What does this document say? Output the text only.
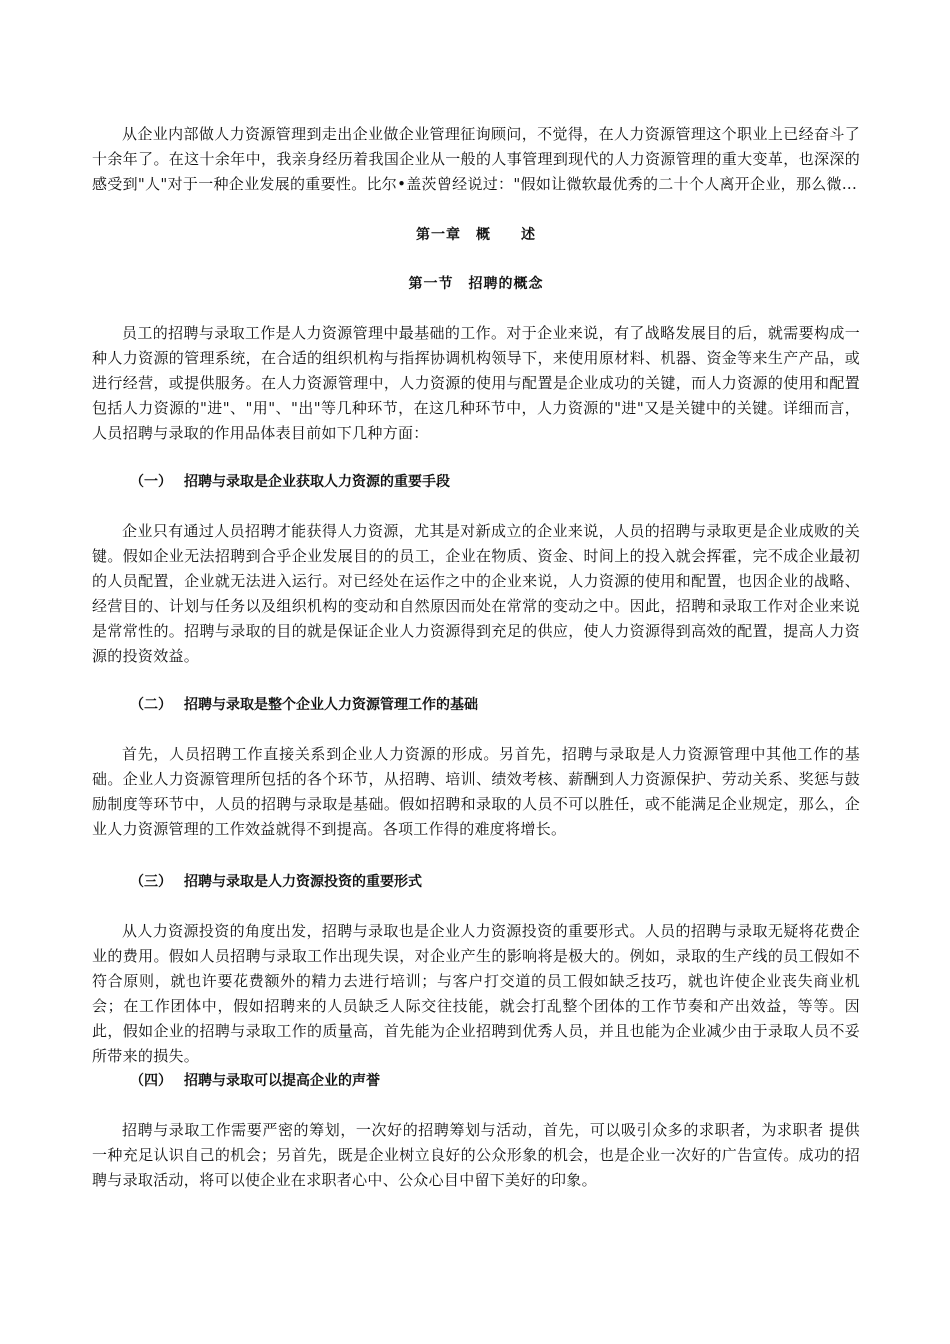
从企业内部做人力资源管理到走出企业做企业管理征询顾问，不觉得，在人力资源管理这个职业上已经奋斗了十余年了。在这十余年中，我亲身经历着我国企业从一般的人事管理到现代的人力资源管理的重大变革，也深深的感受到"人"对于一种企业发展的重要性。比尔•盖茨曾经说过："假如让微软最优秀的二十个人离开企业，那么微...

第一章　概　　述

第一节　招聘的概念

员工的招聘与录取工作是人力资源管理中最基础的工作。对于企业来说，有了战略发展目的后，就需要构成一种人力资源的管理系统，在合适的组织机构与指挥协调机构领导下，来使用原材料、机器、资金等来生产产品，或进行经营，或提供服务。在人力资源管理中，人力资源的使用与配置是企业成功的关键，而人力资源的使用和配置包括人力资源的"进"、"用"、"出"等几种环节，在这几种环节中，人力资源的"进"又是关键中的关键。详细而言，人员招聘与录取的作用品体表目前如下几种方面：

（一） 招聘与录取是企业获取人力资源的重要手段

企业只有通过人员招聘才能获得人力资源，尤其是对新成立的企业来说，人员的招聘与录取更是企业成败的关键。假如企业无法招聘到合乎企业发展目的的员工，企业在物质、资金、时间上的投入就会挥霍，完不成企业最初的人员配置，企业就无法进入运行。对已经处在运作之中的企业来说，人力资源的使用和配置，也因企业的战略、经营目的、计划与任务以及组织机构的变动和自然原因而处在常常的变动之中。因此，招聘和录取工作对企业来说是常常性的。招聘与录取的目的就是保证企业人力资源得到充足的供应，使人力资源得到高效的配置，提高人力资源的投资效益。

（二） 招聘与录取是整个企业人力资源管理工作的基础

首先，人员招聘工作直接关系到企业人力资源的形成。另首先，招聘与录取是人力资源管理中其他工作的基础。企业人力资源管理所包括的各个环节，从招聘、培训、绩效考核、薪酬到人力资源保护、劳动关系、奖惩与鼓励制度等环节中，人员的招聘与录取是基础。假如招聘和录取的人员不可以胜任，或不能满足企业规定，那么，企业人力资源管理的工作效益就得不到提高。各项工作得的难度将增长。

（三） 招聘与录取是人力资源投资的重要形式

从人力资源投资的角度出发，招聘与录取也是企业人力资源投资的重要形式。人员的招聘与录取无疑将花费企业的费用。假如人员招聘与录取工作出现失误，对企业产生的影响将是极大的。例如，录取的生产线的员工假如不符合原则，就也许要花费额外的精力去进行培训；与客户打交道的员工假如缺乏技巧，就也许使企业丧失商业机会；在工作团体中，假如招聘来的人员缺乏人际交往技能，就会打乱整个团体的工作节奏和产出效益，等等。因此，假如企业的招聘与录取工作的质量高，首先能为企业招聘到优秀人员，并且也能为企业减少由于录取人员不妥所带来的损失。

（四） 招聘与录取可以提高企业的声誉

招聘与录取工作需要严密的筹划，一次好的招聘筹划与活动，首先，可以吸引众多的求职者，为求职者 提供一种充足认识自己的机会；另首先，既是企业树立良好的公众形象的机会，也是企业一次好的广告宣传。成功的招聘与录取活动，将可以使企业在求职者心中、公众心目中留下美好的印象。
